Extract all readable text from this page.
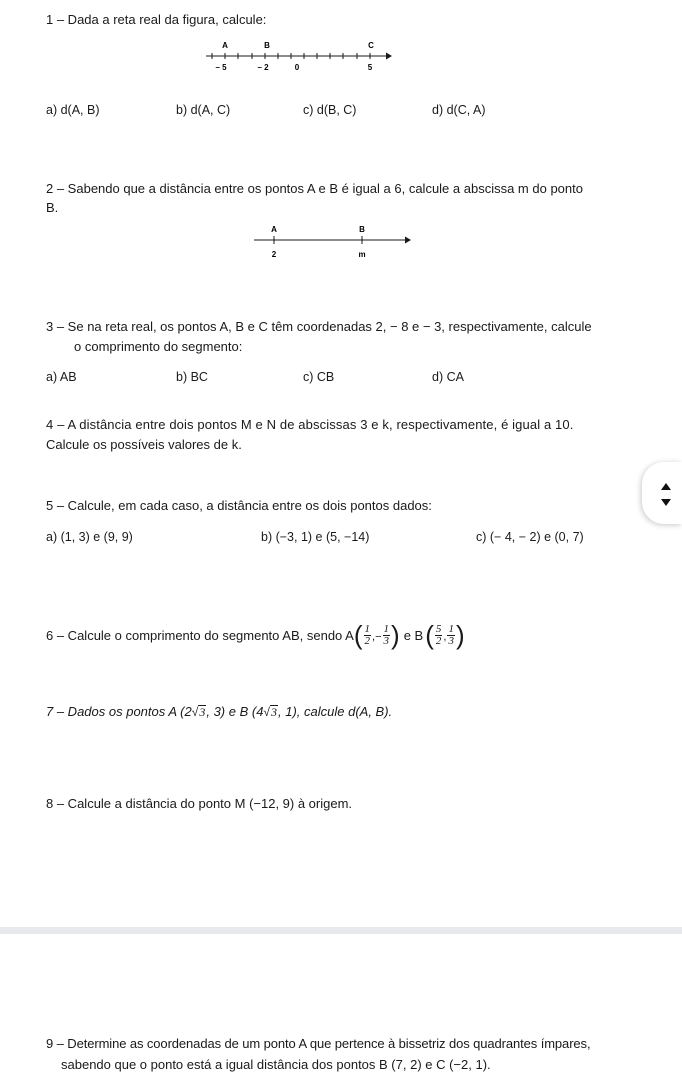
1 – Dada a reta real da figura, calcule:
A	B	C
– 5	– 2	0	5
a) d(A, B)	b) d(A, C)	c) d(B, C)	d) d(C, A)
2 – Sabendo que a distância entre os pontos A e B é igual a 6, calcule a abscissa m do ponto
B.
A	B
2	m
3 – Se na reta real, os pontos A, B e C têm coordenadas 2, − 8 e − 3, respectivamente, calcule
o comprimento do segmento:
a) AB	b) BC	c) CB	d) CA
4 – A distância entre dois pontos M e N de abscissas 3 e k, respectivamente, é igual a 10.
Calcule os possíveis valores de k.
5 – Calcule, em cada caso, a distância entre os dois pontos dados:
a) (1, 3) e (9, 9)	b) (−3, 1) e (5, −14)	c) (− 4, − 2) e (0, 7)
6 – Calcule o comprimento do segmento AB, sendo A ( $\frac{1}{2}$ ,− $\frac{1}{3}$ ) e B ( $\frac{5}{2}$ , $\frac{1}{3}$ )
7 – Dados os pontos A (2√3, 3) e B (4√3, 1), calcule d(A, B).
8 – Calcule a distância do ponto M (−12, 9) à origem.
9 – Determine as coordenadas de um ponto A que pertence à bissetriz dos quadrantes ímpares,
sabendo que o ponto está a igual distância dos pontos B (7, 2) e C (−2, 1).
